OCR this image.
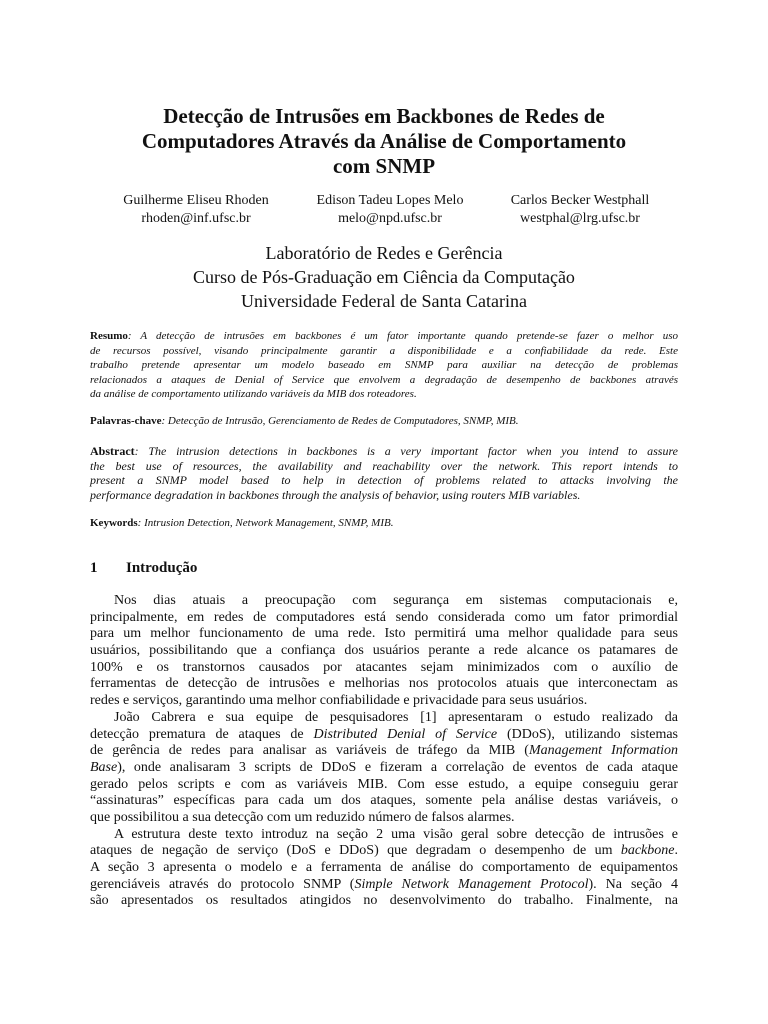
Detecção de Intrusões em Backbones de Redes de
Computadores Através da Análise de Comportamento
com SNMP
Guilherme Eliseu Rhoden
rhoden@inf.ufsc.br
Edison Tadeu Lopes Melo
melo@npd.ufsc.br
Carlos Becker Westphall
westphal@lrg.ufsc.br
Laboratório de Redes e Gerência
Curso de Pós-Graduação em Ciência da Computação
Universidade Federal de Santa Catarina
Resumo: A detecção de intrusões em backbones é um fator importante quando pretende-se fazer o melhor uso
de recursos possível, visando principalmente garantir a disponibilidade e a confiabilidade da rede. Este
trabalho pretende apresentar um modelo baseado em SNMP para auxiliar na detecção de problemas
relacionados a ataques de Denial of Service que envolvem a degradação de desempenho de backbones através
da análise de comportamento utilizando variáveis da MIB dos roteadores.
Palavras-chave: Detecção de Intrusão, Gerenciamento de Redes de Computadores, SNMP, MIB.
Abstract: The intrusion detections in backbones is a very important factor when you intend to assure
the best use of resources, the availability and reachability over the network. This report intends to
present a SNMP model based to help in detection of problems related to attacks involving the
performance degradation in backbones through the analysis of behavior, using routers MIB variables.
Keywords: Intrusion Detection, Network Management, SNMP, MIB.
1 Introdução
Nos dias atuais a preocupação com segurança em sistemas computacionais e,
principalmente, em redes de computadores está sendo considerada como um fator primordial
para um melhor funcionamento de uma rede. Isto permitirá uma melhor qualidade para seus
usuários, possibilitando que a confiança dos usuários perante a rede alcance os patamares de
100% e os transtornos causados por atacantes sejam minimizados com o auxílio de
ferramentas de detecção de intrusões e melhorias nos protocolos atuais que interconectam as
redes e serviços, garantindo uma melhor confiabilidade e privacidade para seus usuários.
João Cabrera e sua equipe de pesquisadores [1] apresentaram o estudo realizado da
detecção prematura de ataques de Distributed Denial of Service (DDoS), utilizando sistemas
de gerência de redes para analisar as variáveis de tráfego da MIB (Management Information
Base), onde analisaram 3 scripts de DDoS e fizeram a correlação de eventos de cada ataque
gerado pelos scripts e com as variáveis MIB. Com esse estudo, a equipe conseguiu gerar
“assinaturas” específicas para cada um dos ataques, somente pela análise destas variáveis, o
que possibilitou a sua detecção com um reduzido número de falsos alarmes.
A estrutura deste texto introduz na seção 2 uma visão geral sobre detecção de intrusões e
ataques de negação de serviço (DoS e DDoS) que degradam o desempenho de um backbone.
A seção 3 apresenta o modelo e a ferramenta de análise do comportamento de equipamentos
gerenciáveis através do protocolo SNMP (Simple Network Management Protocol). Na seção 4
são apresentados os resultados atingidos no desenvolvimento do trabalho. Finalmente, na
